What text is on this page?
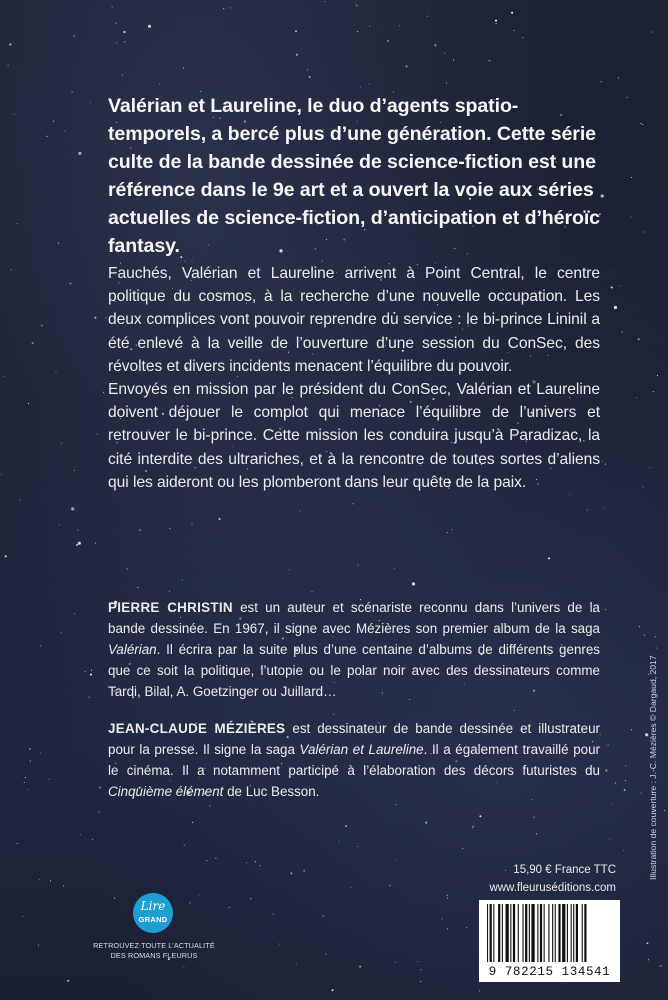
Valérian et Laureline, le duo d’agents spatio-temporels, a bercé plus d’une génération. Cette série culte de la bande dessinée de science-fiction est une référence dans le 9e art et a ouvert la voie aux séries actuelles de science-fiction, d’anticipation et d’héroïc fantasy.

Fauchés, Valérian et Laureline arrivent à Point Central, le centre politique du cosmos, à la recherche d’une nouvelle occupation. Les deux complices vont pouvoir reprendre du service : le bi-prince Lininil a été enlevé à la veille de l’ouverture d’une session du ConSec, des révoltes et divers incidents menacent l’équilibre du pouvoir.

Envoyés en mission par le président du ConSec, Valérian et Laureline doivent déjouer le complot qui menace l’équilibre de l’univers et retrouver le bi-prince. Cette mission les conduira jusqu’à Paradizac, la cité interdite des ultrariches, et à la rencontre de toutes sortes d’aliens qui les aideront ou les plomberont dans leur quête de la paix.

PIERRE CHRISTIN est un auteur et scénariste reconnu dans l’univers de la bande dessinée. En 1967, il signe avec Mézières son premier album de la saga Valérian. Il écrira par la suite plus d’une centaine d’albums de différents genres que ce soit la politique, l’utopie ou le polar noir avec des dessinateurs comme Tardi, Bilal, A. Goetzinger ou Juillard…

JEAN-CLAUDE MÉZIÈRES est dessinateur de bande dessinée et illustrateur pour la presse. Il signe la saga Valérian et Laureline. Il a également travaillé pour le cinéma. Il a notamment participé à l’élaboration des décors futuristes du Cinquième élément de Luc Besson.

15,90 € France TTC
www.fleuruséditions.com
9 782215 134541
Illustration de couverture : J.-C. Mézières © Dargaud, 2017
Lire
GRAND
RETROUVEZ TOUTE L’ACTUALITÉ
DES ROMANS FLEURUS
